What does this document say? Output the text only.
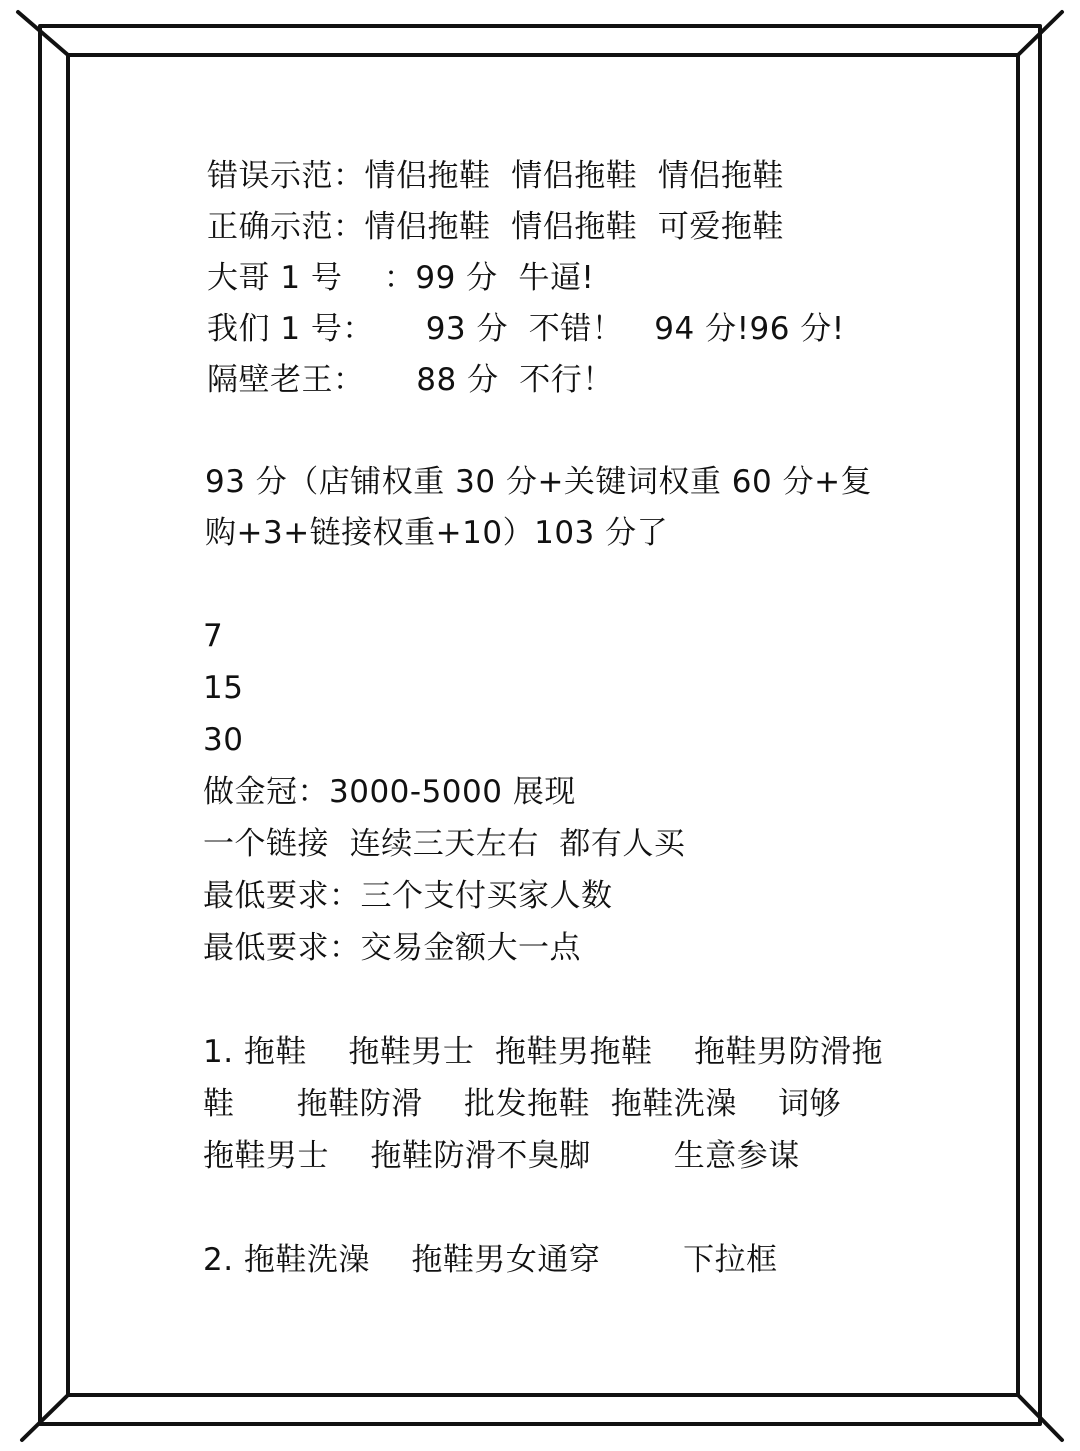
错误示范：情侣拖鞋  情侣拖鞋  情侣拖鞋
正确示范：情侣拖鞋  情侣拖鞋  可爱拖鞋
大哥 1 号    ：99 分  牛逼!
我们 1 号：     93 分  不错！   94 分!96 分!
隔壁老王：     88 分  不行！
93 分（店铺权重 30 分+关键词权重 60 分+复
购+3+链接权重+10）103 分了
7
15
30
做金冠：3000-5000 展现
一个链接  连续三天左右  都有人买
最低要求：三个支付买家人数
最低要求：交易金额大一点
1. 拖鞋    拖鞋男士  拖鞋男拖鞋    拖鞋男防滑拖
鞋      拖鞋防滑    批发拖鞋  拖鞋洗澡    词够
拖鞋男士    拖鞋防滑不臭脚        生意参谋
2. 拖鞋洗澡    拖鞋男女通穿        下拉框
